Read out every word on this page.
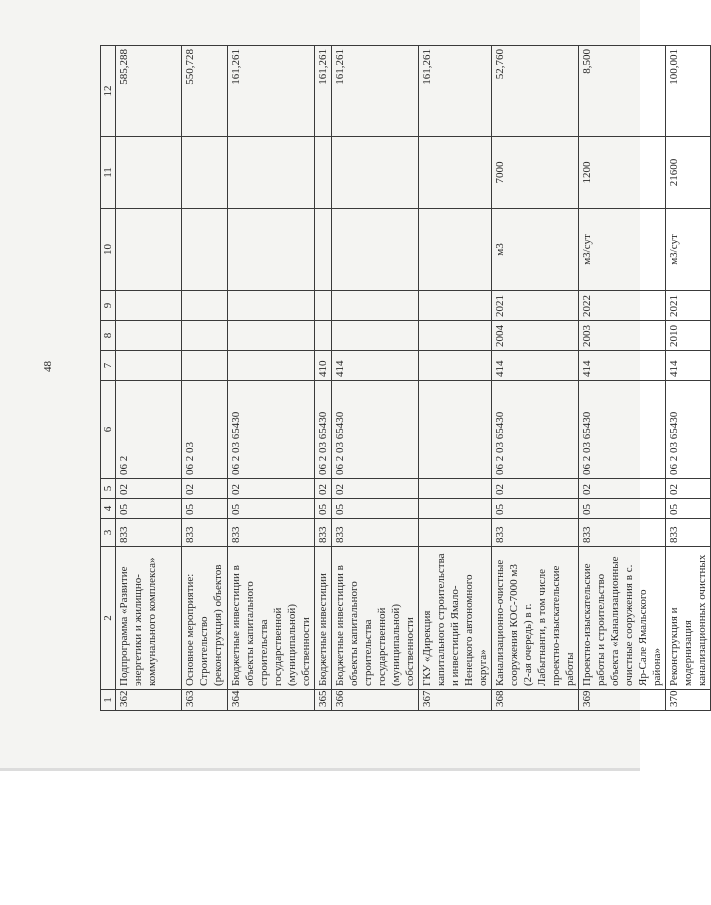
48
1	2	3	4	5	6	7	8	9	10	11	12
362	Подпрограмма «Развитие энергетики и жилищно-коммунального комплекса»	833	05	02	06 2						585,288
363	Основное мероприятие: Строительство (реконструкция) объектов	833	05	02	06 2 03						550,728
364	Бюджетные инвестиции в объекты капитального строительства государственной (муниципальной) собственности	833	05	02	06 2 03 65430						161,261
365	Бюджетные инвестиции	833	05	02	06 2 03 65430	410					161,261
366	Бюджетные инвестиции в объекты капитального строительства государственной (муниципальной) собственности	833	05	02	06 2 03 65430	414					161,261
367	ГКУ «Дирекция капитального строительства и инвестиций Ямало-Ненецкого автономного округа»										161,261
368	Канализационно-очистные сооружения КОС-7000 м3 (2-ая очередь) в г. Лабытнанги, в том числе проектно-изыскательские работы	833	05	02	06 2 03 65430	414	2004	2021	м3	7000	52,760
369	Проектно-изыскательские работы и строительство объекта «Канализационные очистные сооружения в с. Яр-Сале Ямальского района»	833	05	02	06 2 03 65430	414	2003	2022	м3/сут	1200	8,500
370	Реконструкция и модернизация канализационных очистных	833	05	02	06 2 03 65430	414	2010	2021	м3/сут	21600	100,001
